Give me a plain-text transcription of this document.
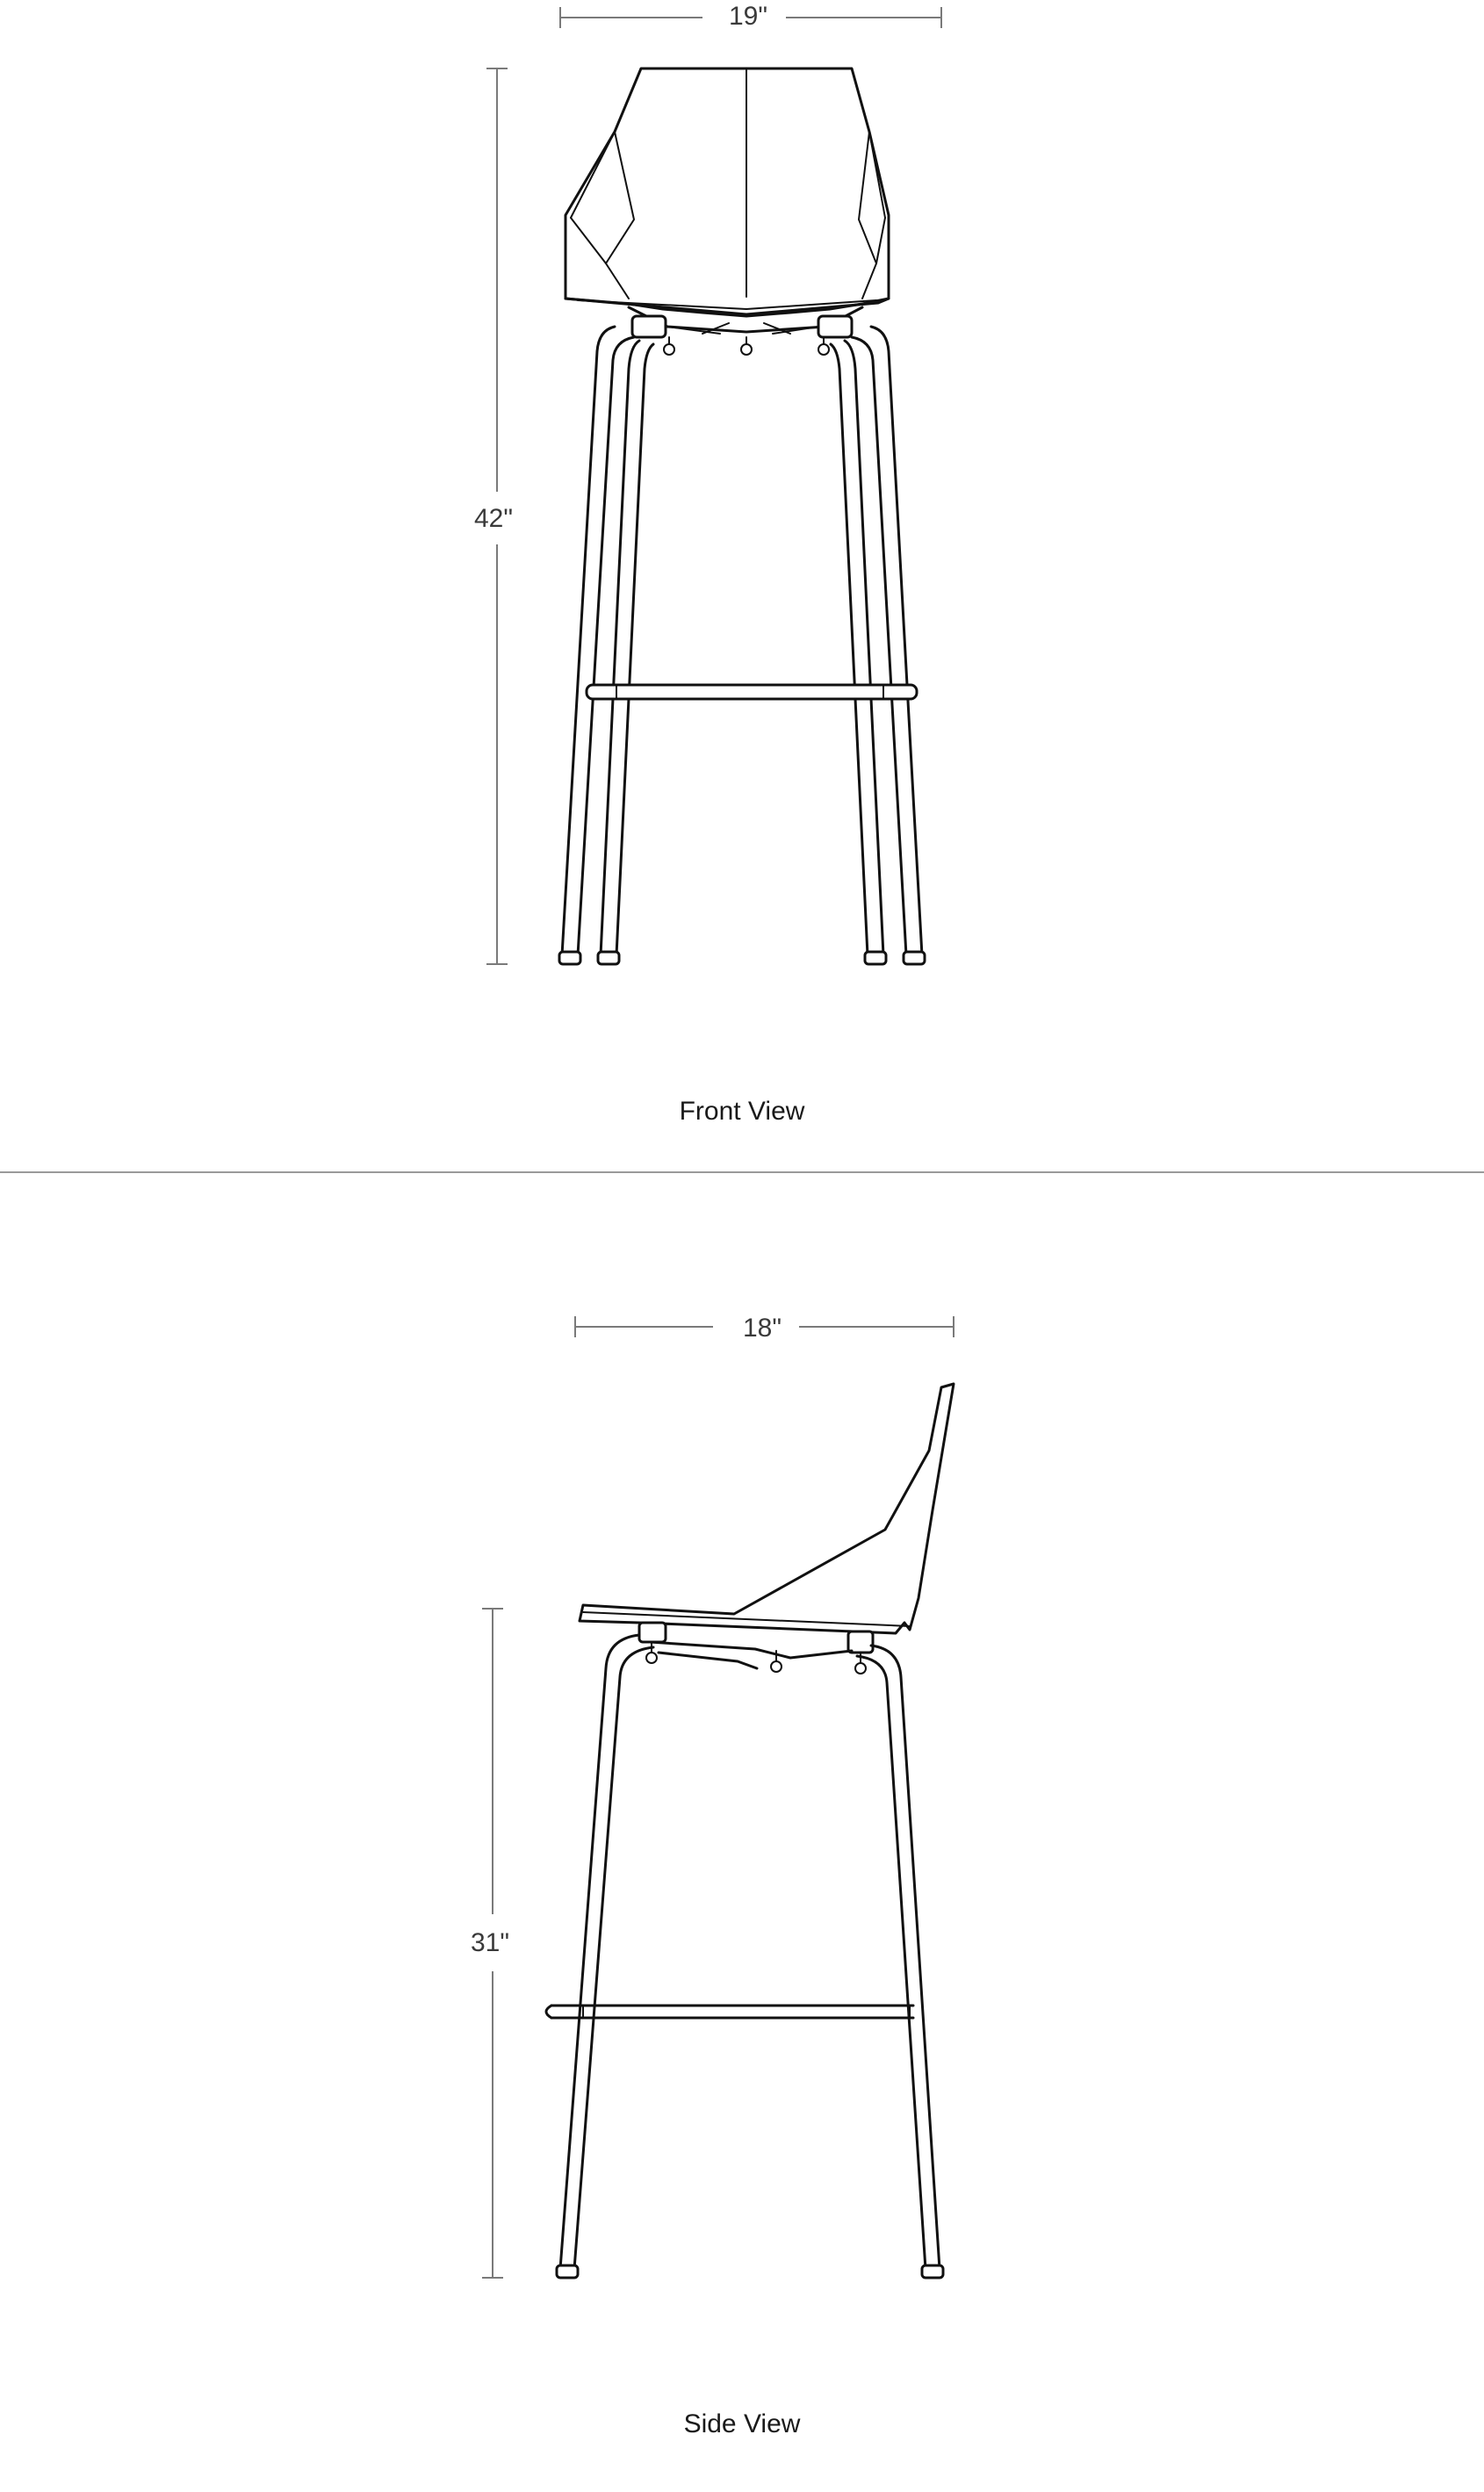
19"
42"
Front View
18"
31"
Side View
